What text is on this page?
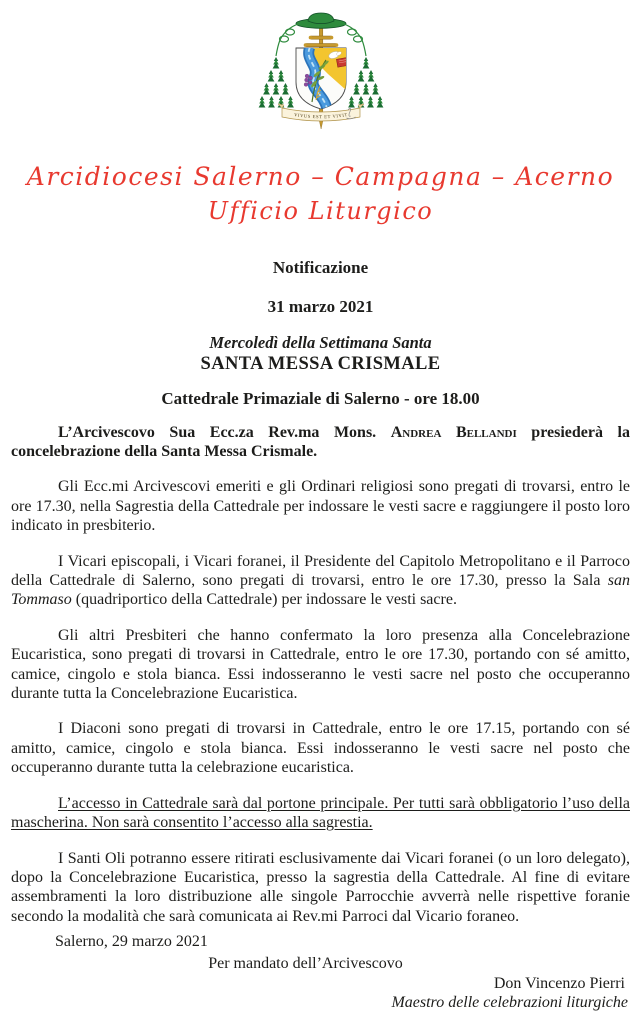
VIVUS EST ET VIVIT
Arcidiocesi Salerno – Campagna – Acerno
Ufficio Liturgico
Notificazione
31 marzo 2021
Mercoledì della Settimana Santa
SANTA MESSA CRISMALE
Cattedrale Primaziale di Salerno - ore 18.00

L’Arcivescovo Sua Ecc.za Rev.ma Mons. Andrea Bellandi presiederà la concelebrazione della Santa Messa Crismale.

Gli Ecc.mi Arcivescovi emeriti e gli Ordinari religiosi sono pregati di trovarsi, entro le ore 17.30, nella Sagrestia della Cattedrale per indossare le vesti sacre e raggiungere il posto loro indicato in presbiterio.

I Vicari episcopali, i Vicari foranei, il Presidente del Capitolo Metropolitano e il Parroco della Cattedrale di Salerno, sono pregati di trovarsi, entro le ore 17.30, presso la Sala san Tommaso (quadriportico della Cattedrale) per indossare le vesti sacre.

Gli altri Presbiteri che hanno confermato la loro presenza alla Concelebrazione Eucaristica, sono pregati di trovarsi in Cattedrale, entro le ore 17.30, portando con sé amitto, camice, cingolo e stola bianca. Essi indosseranno le vesti sacre nel posto che occuperanno durante tutta la Concelebrazione Eucaristica.

I Diaconi sono pregati di trovarsi in Cattedrale, entro le ore 17.15, portando con sé amitto, camice, cingolo e stola bianca. Essi indosseranno le vesti sacre nel posto che occuperanno durante tutta la celebrazione eucaristica.

L’accesso in Cattedrale sarà dal portone principale. Per tutti sarà obbligatorio l’uso della mascherina. Non sarà consentito l’accesso alla sagrestia.

I Santi Oli potranno essere ritirati esclusivamente dai Vicari foranei (o un loro delegato), dopo la Concelebrazione Eucaristica, presso la sagrestia della Cattedrale. Al fine di evitare assembramenti la loro distribuzione alle singole Parrocchie avverrà nelle rispettive foranie secondo la modalità che sarà comunicata ai Rev.mi Parroci dal Vicario foraneo.

Salerno, 29 marzo 2021
Per mandato dell’Arcivescovo
Don Vincenzo Pierri
Maestro delle celebrazioni liturgiche
